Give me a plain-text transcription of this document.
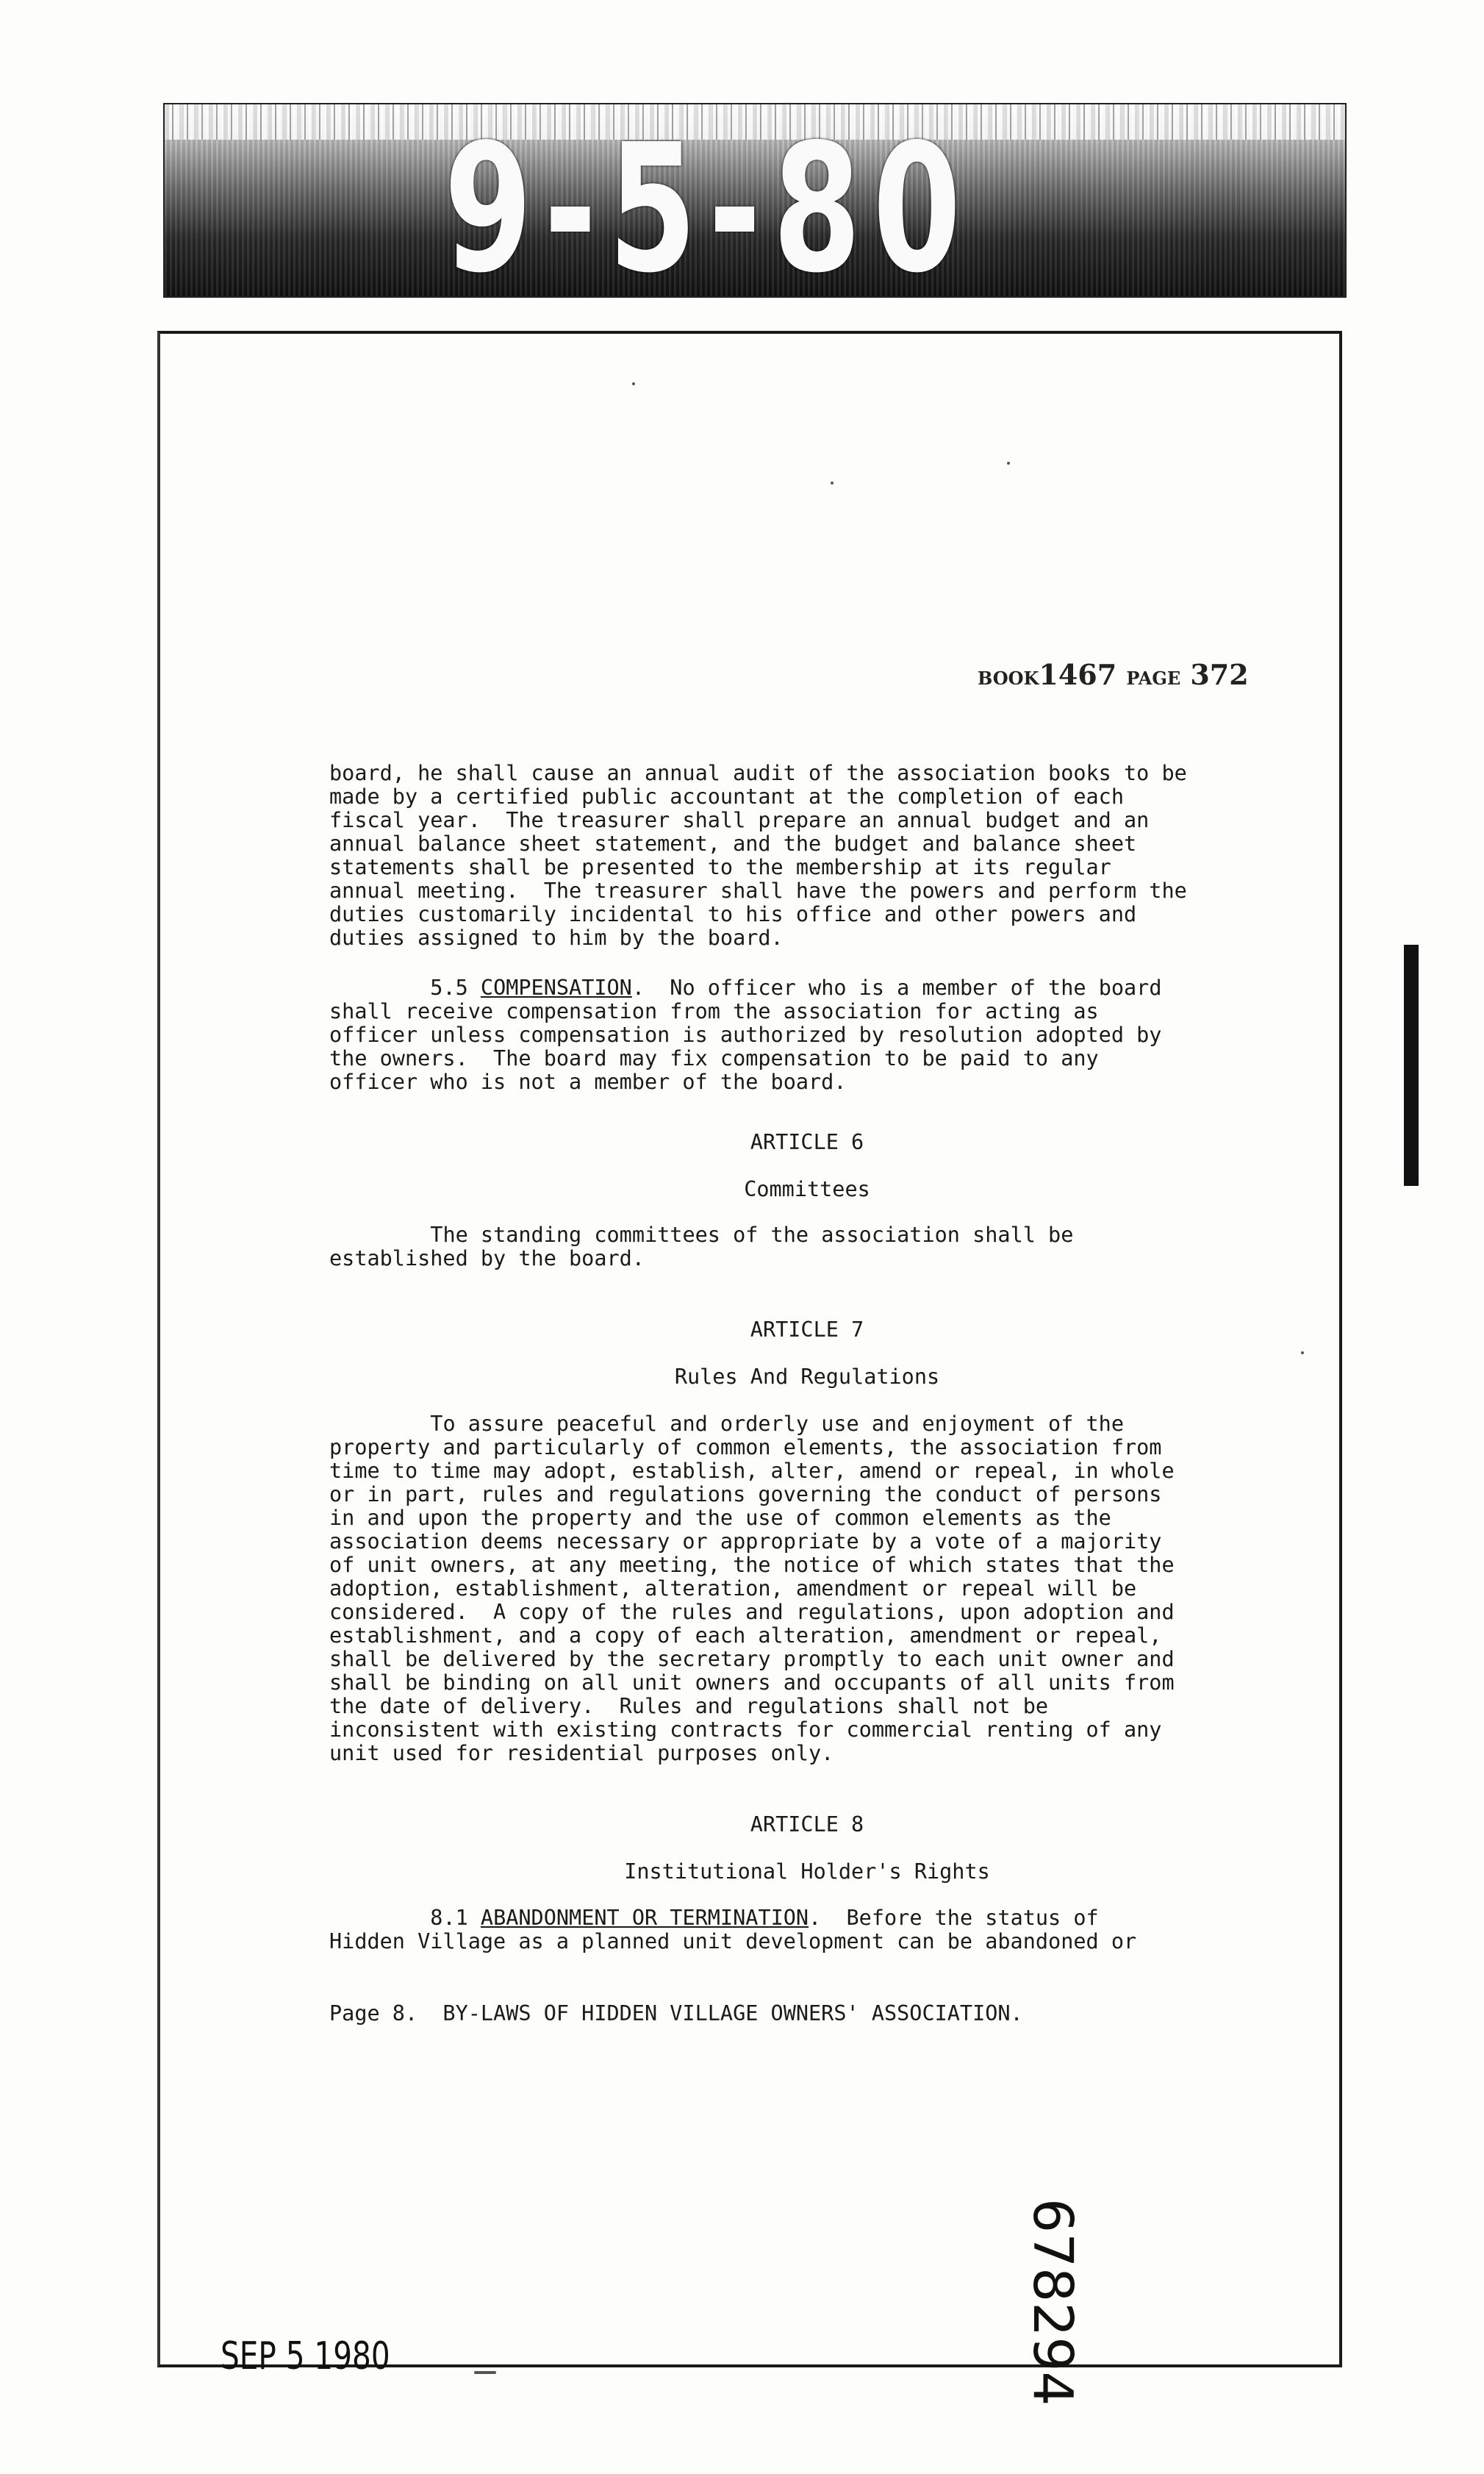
9-5-80
BOOK1467 PAGE 372
board, he shall cause an annual audit of the association books to be
made by a certified public accountant at the completion of each
fiscal year.  The treasurer shall prepare an annual budget and an
annual balance sheet statement, and the budget and balance sheet
statements shall be presented to the membership at its regular
annual meeting.  The treasurer shall have the powers and perform the
duties customarily incidental to his office and other powers and
duties assigned to him by the board.
5.5 COMPENSATION.  No officer who is a member of the board
shall receive compensation from the association for acting as
officer unless compensation is authorized by resolution adopted by
the owners.  The board may fix compensation to be paid to any
officer who is not a member of the board.
ARTICLE 6
Committees
The standing committees of the association shall be
established by the board.
ARTICLE 7
Rules And Regulations
To assure peaceful and orderly use and enjoyment of the
property and particularly of common elements, the association from
time to time may adopt, establish, alter, amend or repeal, in whole
or in part, rules and regulations governing the conduct of persons
in and upon the property and the use of common elements as the
association deems necessary or appropriate by a vote of a majority
of unit owners, at any meeting, the notice of which states that the
adoption, establishment, alteration, amendment or repeal will be
considered.  A copy of the rules and regulations, upon adoption and
establishment, and a copy of each alteration, amendment or repeal,
shall be delivered by the secretary promptly to each unit owner and
shall be binding on all unit owners and occupants of all units from
the date of delivery.  Rules and regulations shall not be
inconsistent with existing contracts for commercial renting of any
unit used for residential purposes only.
ARTICLE 8
Institutional Holder's Rights
8.1 ABANDONMENT OR TERMINATION.  Before the status of
Hidden Village as a planned unit development can be abandoned or
Page 8.  BY-LAWS OF HIDDEN VILLAGE OWNERS' ASSOCIATION.
678294
SEP 5 1980
